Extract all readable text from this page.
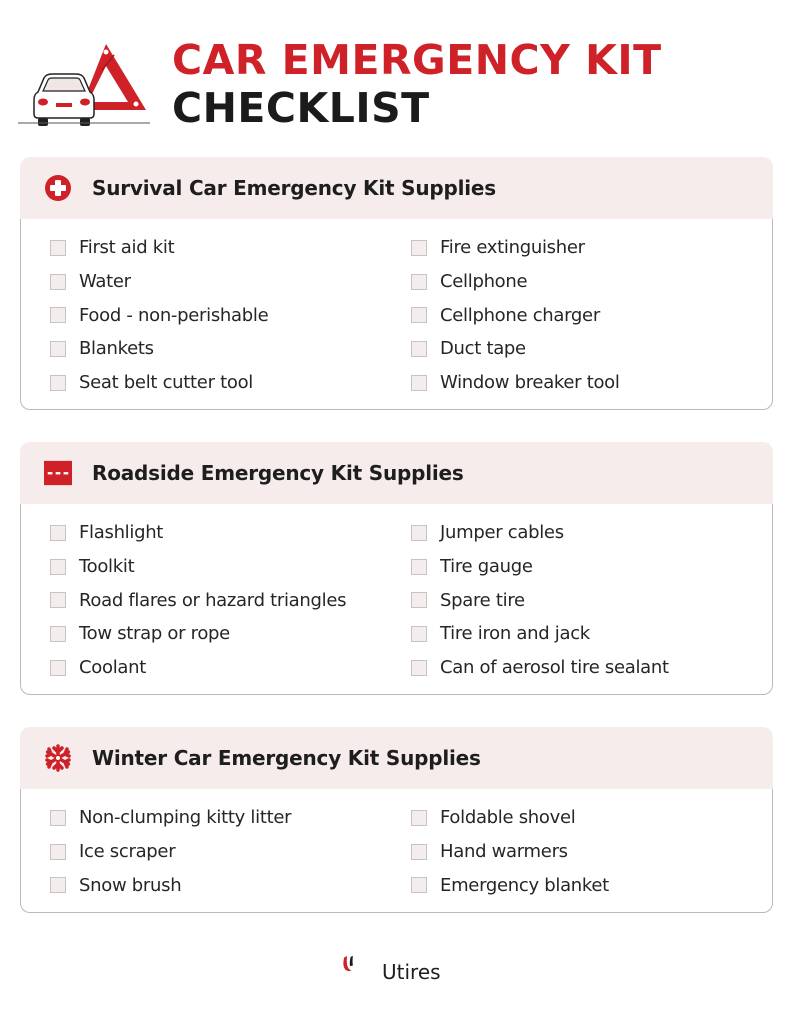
CAR EMERGENCY KIT
CHECKLIST
Survival Car Emergency Kit Supplies
First aid kit
Water
Food - non-perishable
Blankets
Seat belt cutter tool
Fire extinguisher
Cellphone
Cellphone charger
Duct tape
Window breaker tool
Roadside Emergency Kit Supplies
Flashlight
Toolkit
Road flares or hazard triangles
Tow strap or rope
Coolant
Jumper cables
Tire gauge
Spare tire
Tire iron and jack
Can of aerosol tire sealant
Winter Car Emergency Kit Supplies
Non-clumping kitty litter
Ice scraper
Snow brush
Foldable shovel
Hand warmers
Emergency blanket
Utires
